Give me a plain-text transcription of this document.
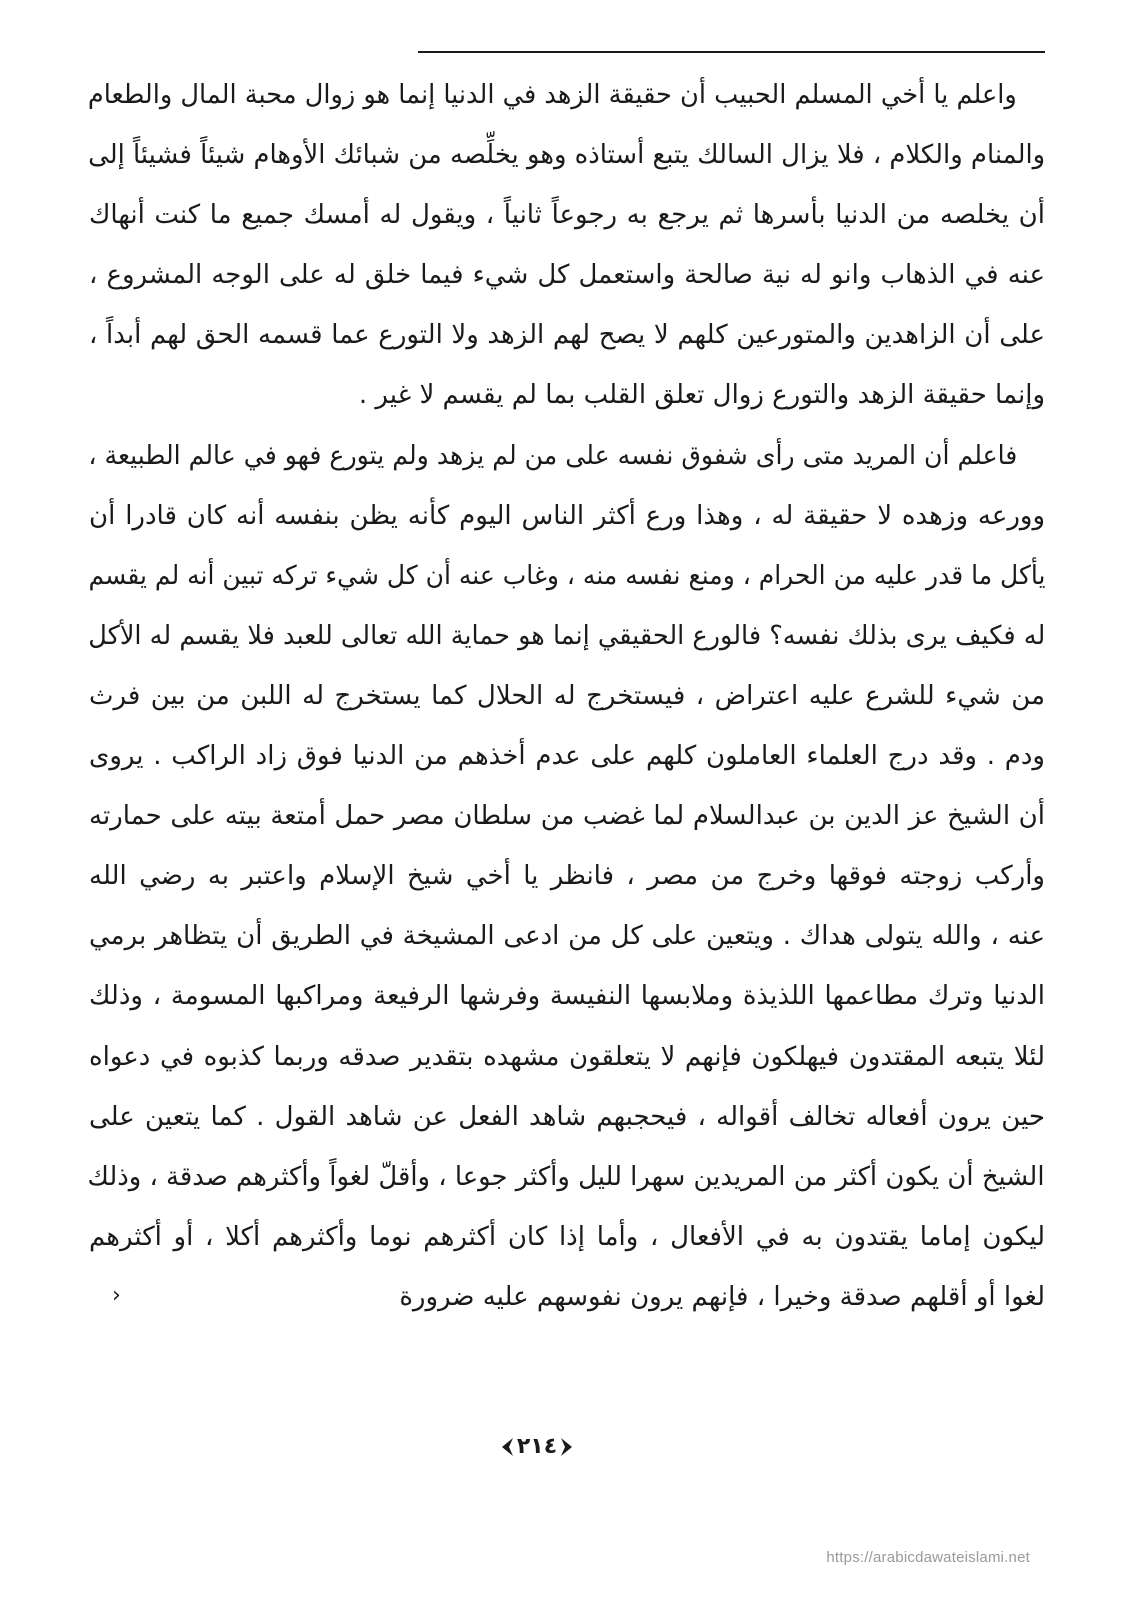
واعلم يا أخي المسلم الحبيب أن حقيقة الزهد في الدنيا إنما هو زوال محبة المال والطعام
والمنام والكلام ، فلا يزال السالك يتبع أستاذه وهو يخلِّصه من شبائك الأوهام شيئاً فشيئاً إلى
أن يخلصه من الدنيا بأسرها ثم يرجع به رجوعاً ثانياً ، ويقول له أمسك جميع ما كنت أنهاك
عنه في الذهاب وانو له نية صالحة واستعمل كل شيء فيما خلق له على الوجه المشروع ،
على أن الزاهدين والمتورعين كلهم لا يصح لهم الزهد ولا التورع عما قسمه الحق لهم أبداً ،
وإنما حقيقة الزهد والتورع زوال تعلق القلب بما لم يقسم لا غير .
فاعلم أن المريد متى رأى شفوق نفسه على من لم يزهد ولم يتورع فهو في عالم الطبيعة ،
وورعه وزهده لا حقيقة له ، وهذا ورع أكثر الناس اليوم كأنه يظن بنفسه أنه كان قادرا أن
يأكل ما قدر عليه من الحرام ، ومنع نفسه منه ، وغاب عنه أن كل شيء تركه تبين أنه لم يقسم
له فكيف يرى بذلك نفسه؟ فالورع الحقيقي إنما هو حماية الله تعالى للعبد فلا يقسم له الأكل
من شيء للشرع عليه اعتراض ، فيستخرج له الحلال كما يستخرج له اللبن من بين فرث
ودم . وقد درج العلماء العاملون كلهم على عدم أخذهم من الدنيا فوق زاد الراكب . يروى
أن الشيخ عز الدين بن عبدالسلام لما غضب من سلطان مصر حمل أمتعة بيته على حمارته
وأركب زوجته فوقها وخرج من مصر ، فانظر يا أخي شيخ الإسلام واعتبر به رضي الله
عنه ، والله يتولى هداك . ويتعين على كل من ادعى المشيخة في الطريق أن يتظاهر برمي
الدنيا وترك مطاعمها اللذيذة وملابسها النفيسة وفرشها الرفيعة ومراكبها المسومة ، وذلك
لئلا يتبعه المقتدون فيهلكون فإنهم لا يتعلقون مشهده بتقدير صدقه وربما كذبوه في دعواه
حين يرون أفعاله تخالف أقواله ، فيحجبهم شاهد الفعل عن شاهد القول . كما يتعين على
الشيخ أن يكون أكثر من المريدين سهرا لليل وأكثر جوعا ، وأقلّ لغواً وأكثرهم صدقة ، وذلك
ليكون إماما يقتدون به في الأفعال ، وأما إذا كان أكثرهم نوما وأكثرهم أكلا ، أو أكثرهم
لغوا أو أقلهم صدقة وخيرا ، فإنهم يرون نفوسهم عليه ضرورة
›
٢١٤
https://arabicdawateislami.net
